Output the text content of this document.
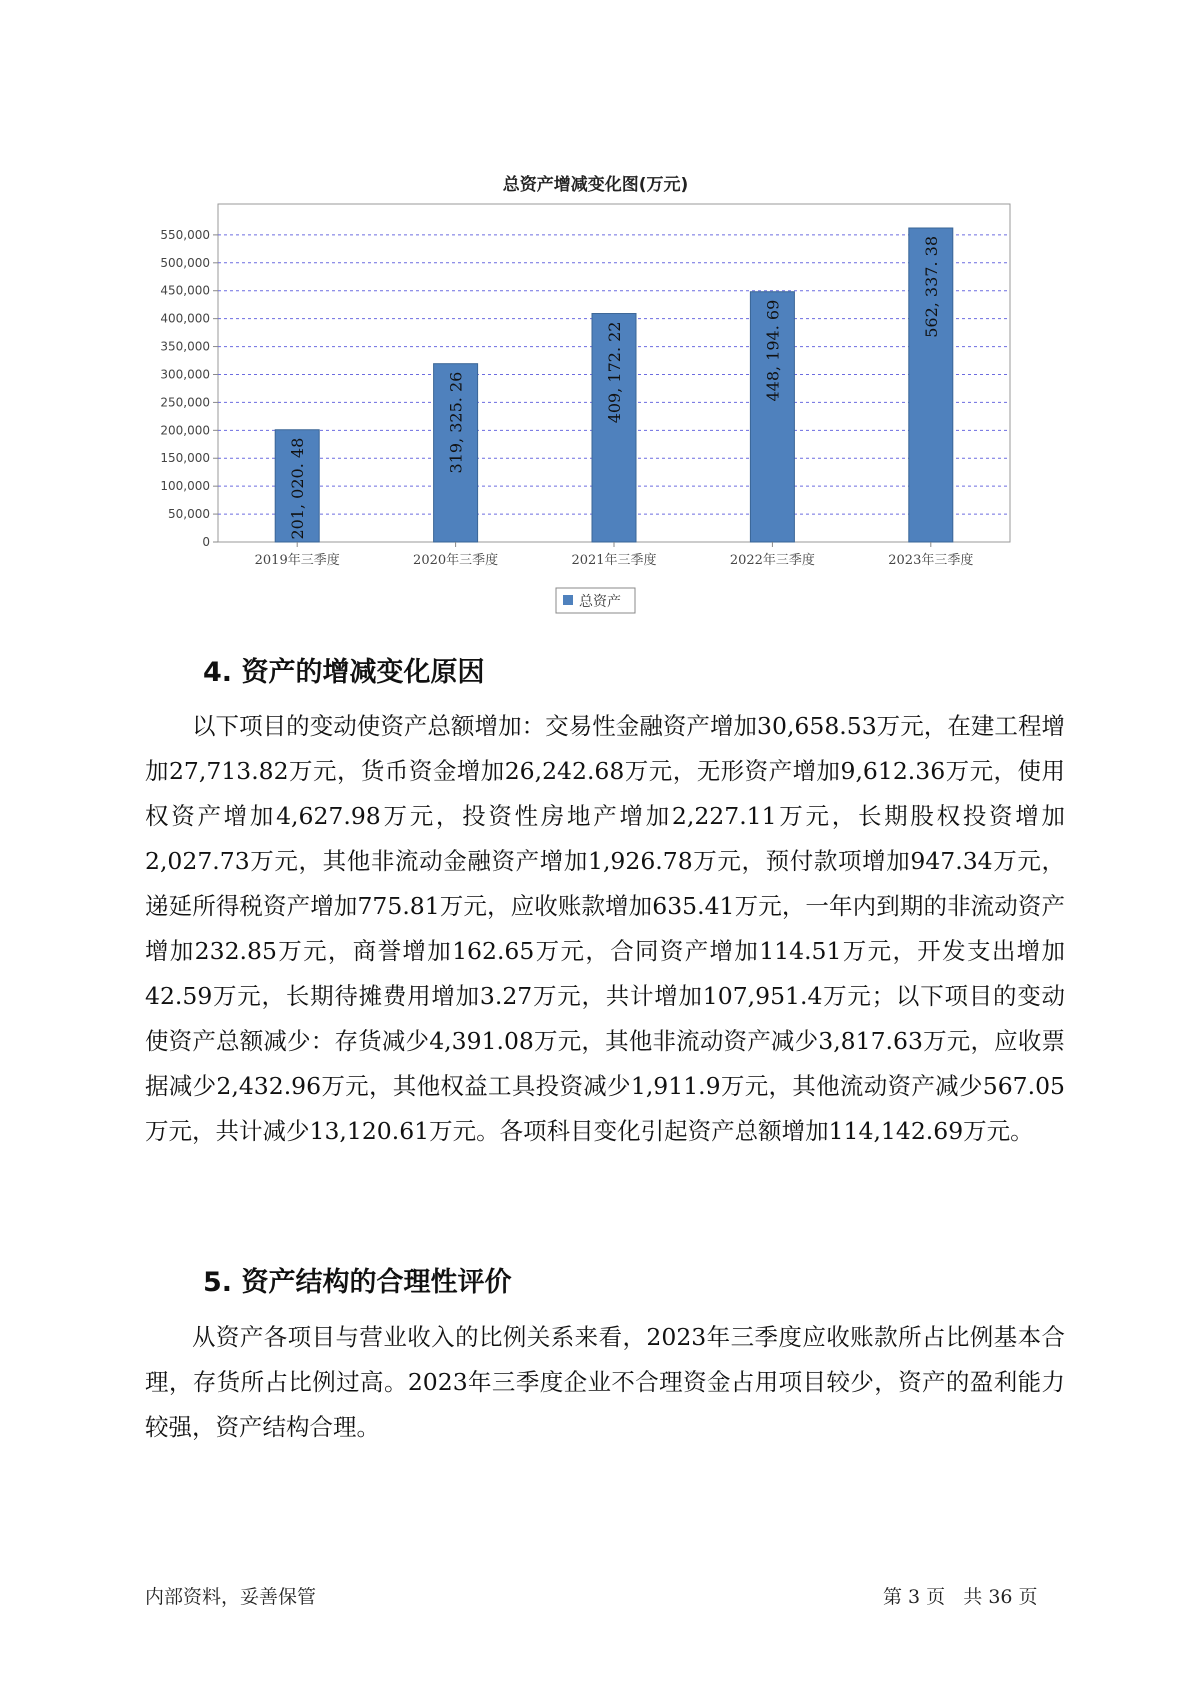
总资产增减变化图(万元)
0
50,000
100,000
150,000
200,000
250,000
300,000
350,000
400,000
450,000
500,000
550,000
201, 020. 48
319, 325. 26	409, 172. 22	448, 194. 69
562, 337. 38
2019年三季度	2020年三季度	2021年三季度	2022年三季度	2023年三季度
总资产
4. 资产的增减变化原因
以下项目的变动使资产总额增加：交易性金融资产增加30,658.53万元，在建工程增加27,713.82万元，货币资金增加26,242.68万元，无形资产增加9,612.36万元，使用权资产增加4,627.98万元，投资性房地产增加2,227.11万元，长期股权投资增加2,027.73万元，其他非流动金融资产增加1,926.78万元，预付款项增加947.34万元，递延所得税资产增加775.81万元，应收账款增加635.41万元，一年内到期的非流动资产增加232.85万元，商誉增加162.65万元，合同资产增加114.51万元，开发支出增加42.59万元，长期待摊费用增加3.27万元，共计增加107,951.4万元；以下项目的变动使资产总额减少：存货减少4,391.08万元，其他非流动资产减少3,817.63万元，应收票据减少2,432.96万元，其他权益工具投资减少1,911.9万元，其他流动资产减少567.05万元，共计减少13,120.61万元。各项科目变化引起资产总额增加114,142.69万元。
5. 资产结构的合理性评价
从资产各项目与营业收入的比例关系来看，2023年三季度应收账款所占比例基本合理，存货所占比例过高。2023年三季度企业不合理资金占用项目较少，资产的盈利能力较强，资产结构合理。
内部资料，妥善保管	第 3 页   共 36 页
